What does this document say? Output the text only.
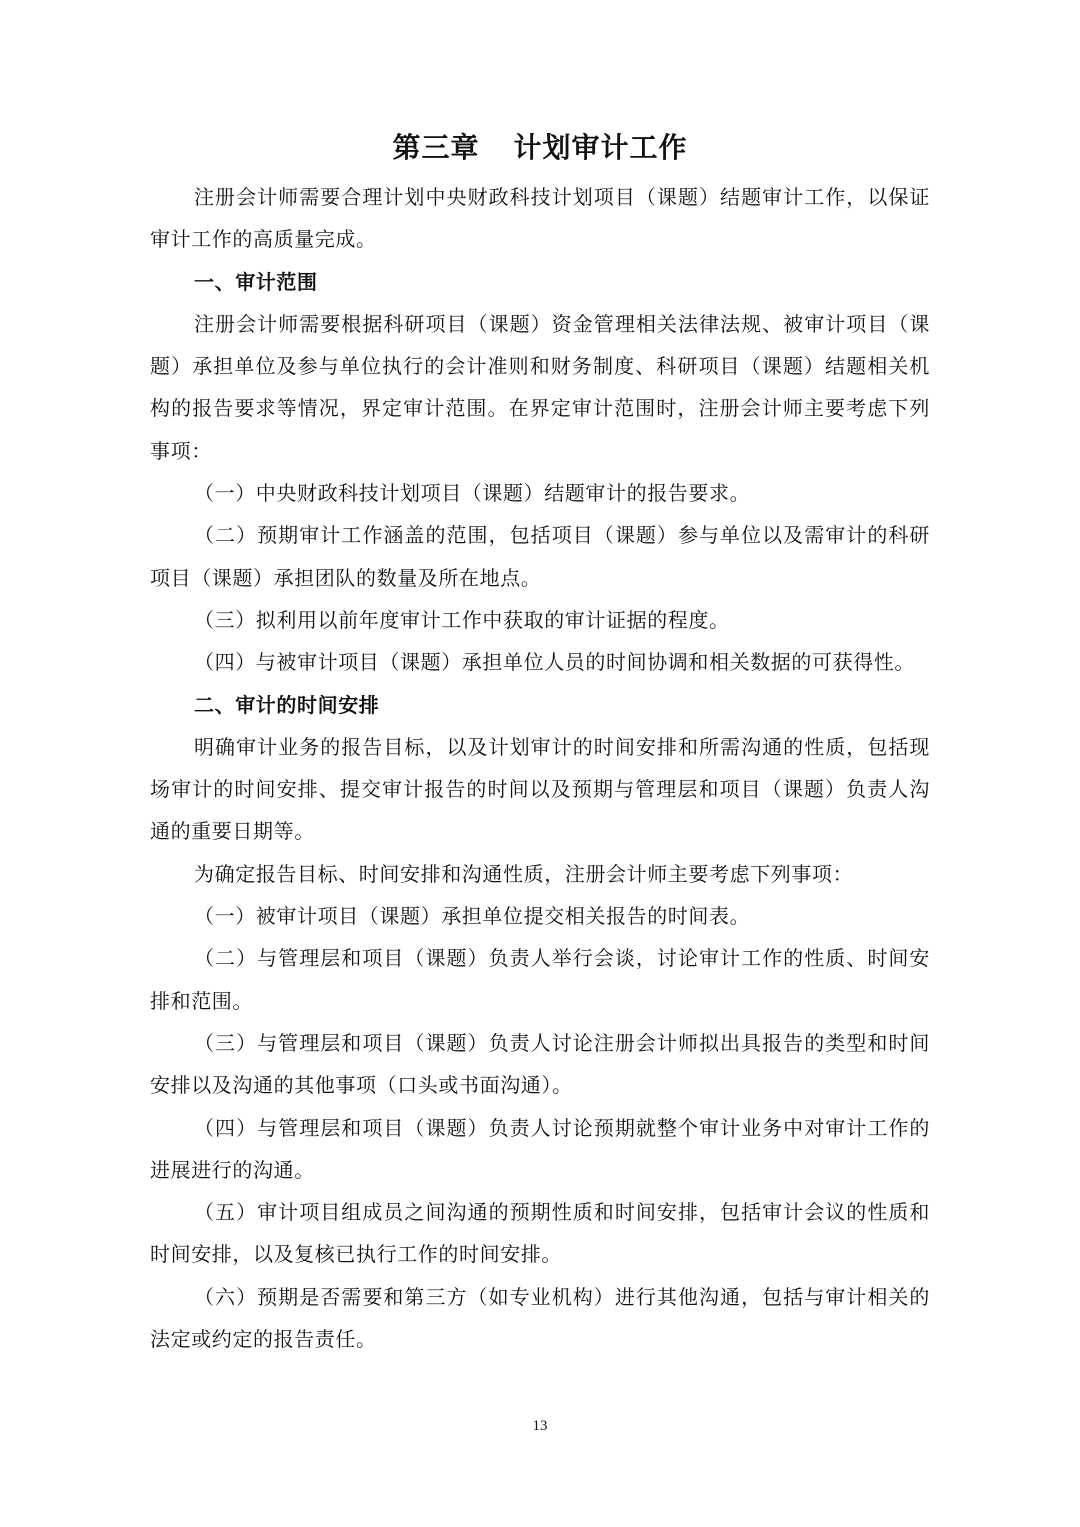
第三章 计划审计工作

注册会计师需要合理计划中央财政科技计划项目（课题）结题审计工作，以保证审计工作的高质量完成。

一、审计范围

注册会计师需要根据科研项目（课题）资金管理相关法律法规、被审计项目（课题）承担单位及参与单位执行的会计准则和财务制度、科研项目（课题）结题相关机构的报告要求等情况，界定审计范围。在界定审计范围时，注册会计师主要考虑下列事项：

（一）中央财政科技计划项目（课题）结题审计的报告要求。

（二）预期审计工作涵盖的范围，包括项目（课题）参与单位以及需审计的科研项目（课题）承担团队的数量及所在地点。

（三）拟利用以前年度审计工作中获取的审计证据的程度。

（四）与被审计项目（课题）承担单位人员的时间协调和相关数据的可获得性。

二、审计的时间安排

明确审计业务的报告目标，以及计划审计的时间安排和所需沟通的性质，包括现场审计的时间安排、提交审计报告的时间以及预期与管理层和项目（课题）负责人沟通的重要日期等。

为确定报告目标、时间安排和沟通性质，注册会计师主要考虑下列事项：

（一）被审计项目（课题）承担单位提交相关报告的时间表。

（二）与管理层和项目（课题）负责人举行会谈，讨论审计工作的性质、时间安排和范围。

（三）与管理层和项目（课题）负责人讨论注册会计师拟出具报告的类型和时间安排以及沟通的其他事项（口头或书面沟通）。

（四）与管理层和项目（课题）负责人讨论预期就整个审计业务中对审计工作的进展进行的沟通。

（五）审计项目组成员之间沟通的预期性质和时间安排，包括审计会议的性质和时间安排，以及复核已执行工作的时间安排。

（六）预期是否需要和第三方（如专业机构）进行其他沟通，包括与审计相关的法定或约定的报告责任。

13
